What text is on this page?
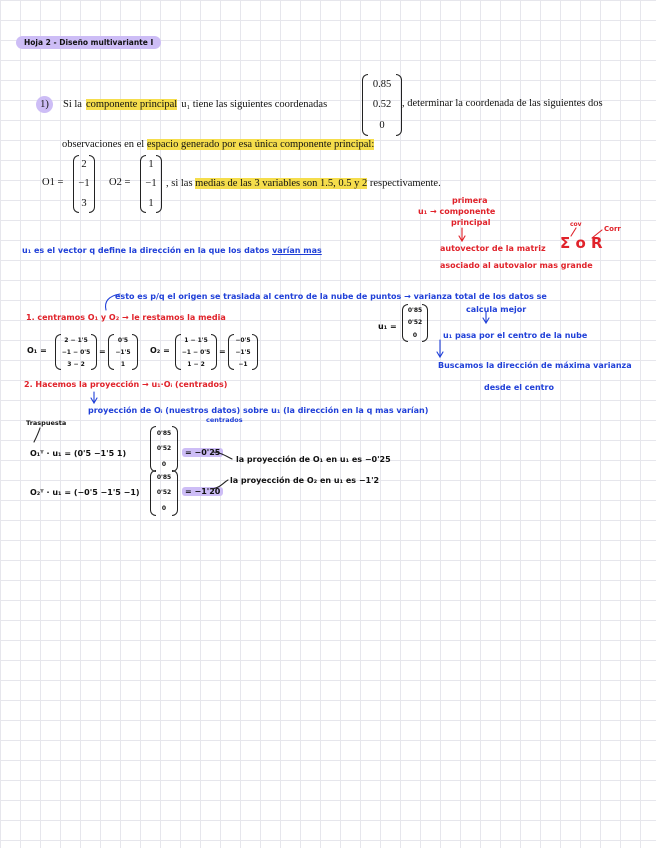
Hoja 2 - Diseño multivariante I
1)	Si la componente principal u₁ tiene las siguientes coordenadas
0.85
0.52
0
, determinar la coordenada de las siguientes dos
observaciones en el espacio generado por esa única componente principal:
O1 =
2
−1
3
O2 =
1
−1
1
, si las medias de las 3 variables son 1.5, 0.5 y 2 respectivamente.
primera
u₁ → componente
principal	cov
Corr
autovector de la matriz Σ o R
asociado al autovalor mas grande
u₁ es el vector q define la dirección en la que los datos varían mas
esto es p/q el origen se traslada al centro de la nube de puntos → varianza total de los datos se
calcula mejor
1. centramos O₁ y O₂ → le restamos la media
u₁ =
0'85
0'52
0	u₁ pasa por el centro de la nube
Buscamos la dirección de máxima varianza
desde el centro
O₁ =
2 − 1'5
−1 − 0'5
3 − 2
=
0'5
−1'5
1
O₂ =
1 − 1'5
−1 − 0'5
1 − 2
=
−0'5
−1'5
−1
2. Hacemos la proyección → u₁·Oᵢ (centrados)
proyección de Oᵢ (nuestros datos) sobre u₁ (la dirección en la q mas varían)
centrados
Traspuesta
O₁ᵀ · u₁ = (0'5 −1'5 1)
0'85
0'52
0
= −0'25
la proyección de O₁ en u₁ es −0'25
O₂ᵀ · u₁ = (−0'5 −1'5 −1)
0'85
0'52
0
= −1'20
la proyección de O₂ en u₁ es −1'2
